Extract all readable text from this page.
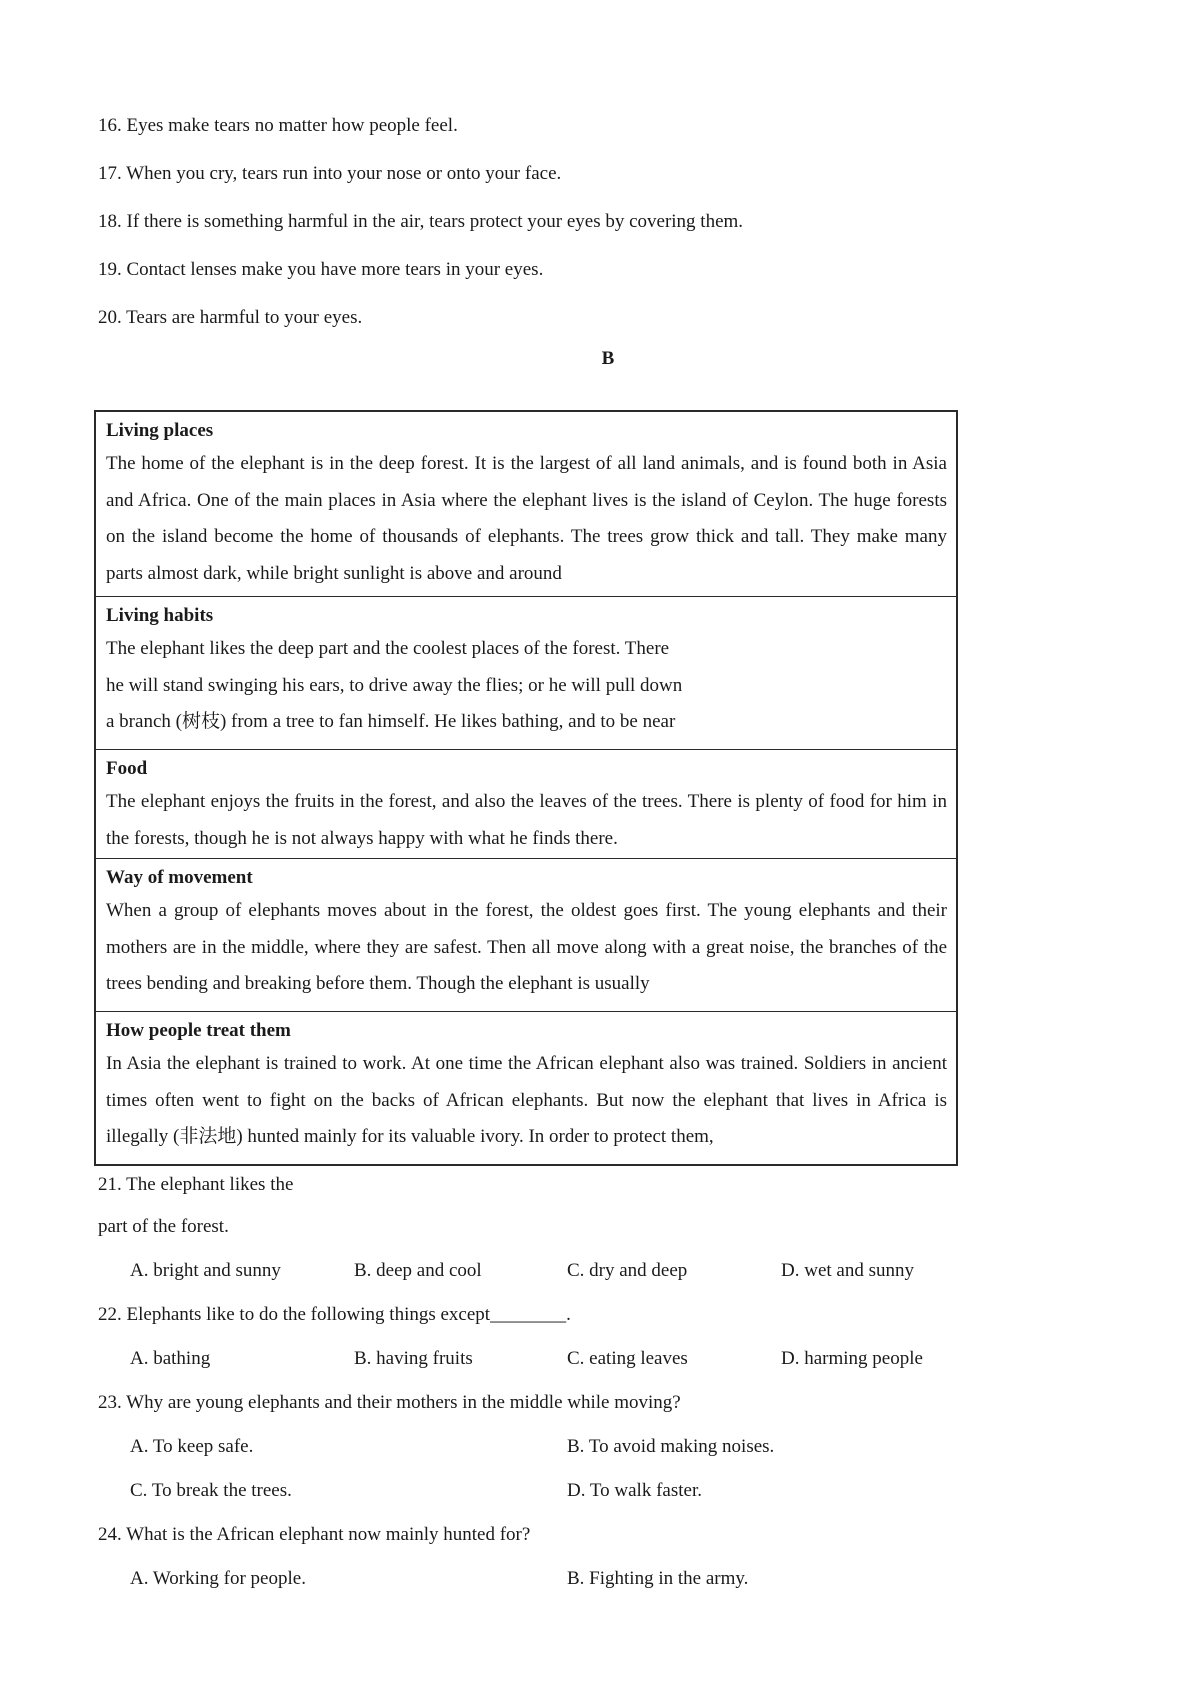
16. Eyes make tears no matter how people feel.
17. When you cry, tears run into your nose or onto your face.
18. If there is something harmful in the air, tears protect your eyes by covering them.
19. Contact lenses make you have more tears in your eyes.
20. Tears are harmful to your eyes.
B
Living places
The home of the elephant is in the deep forest. It is the largest of all land animals, and is found both in Asia and Africa. One of the main places in Asia where the elephant lives is the island of Ceylon. The huge forests on the island become the home of thousands of elephants. The trees grow thick and tall. They make many parts almost dark, while bright sunlight is above and around
Living habits
The elephant likes the deep part and the coolest places of the forest. There
he will stand swinging his ears, to drive away the flies; or he will pull down
a branch (树枝) from a tree to fan himself. He likes bathing, and to be near
Food
The elephant enjoys the fruits in the forest, and also the leaves of the trees. There is plenty of food for him in the forests, though he is not always happy with what he finds there.
Way of movement
When a group of elephants moves about in the forest, the oldest goes first. The young elephants and their mothers are in the middle, where they are safest. Then all move along with a great noise, the branches of the trees bending and breaking before them. Though the elephant is usually
How people treat them
In Asia the elephant is trained to work. At one time the African elephant also was trained. Soldiers in ancient times often went to fight on the backs of African elephants. But now the elephant that lives in Africa is illegally (非法地) hunted mainly for its valuable ivory. In order to protect them,
21. The elephant likes the
part of the forest.
A. bright and sunny	B. deep and cool	C. dry and deep	D. wet and sunny
22. Elephants like to do the following things except________.
A. bathing	B. having fruits	C. eating leaves	D. harming people
23. Why are young elephants and their mothers in the middle while moving?
A. To keep safe.	B. To avoid making noises.
C. To break the trees.	D. To walk faster.
24. What is the African elephant now mainly hunted for?
A. Working for people.	B. Fighting in the army.
